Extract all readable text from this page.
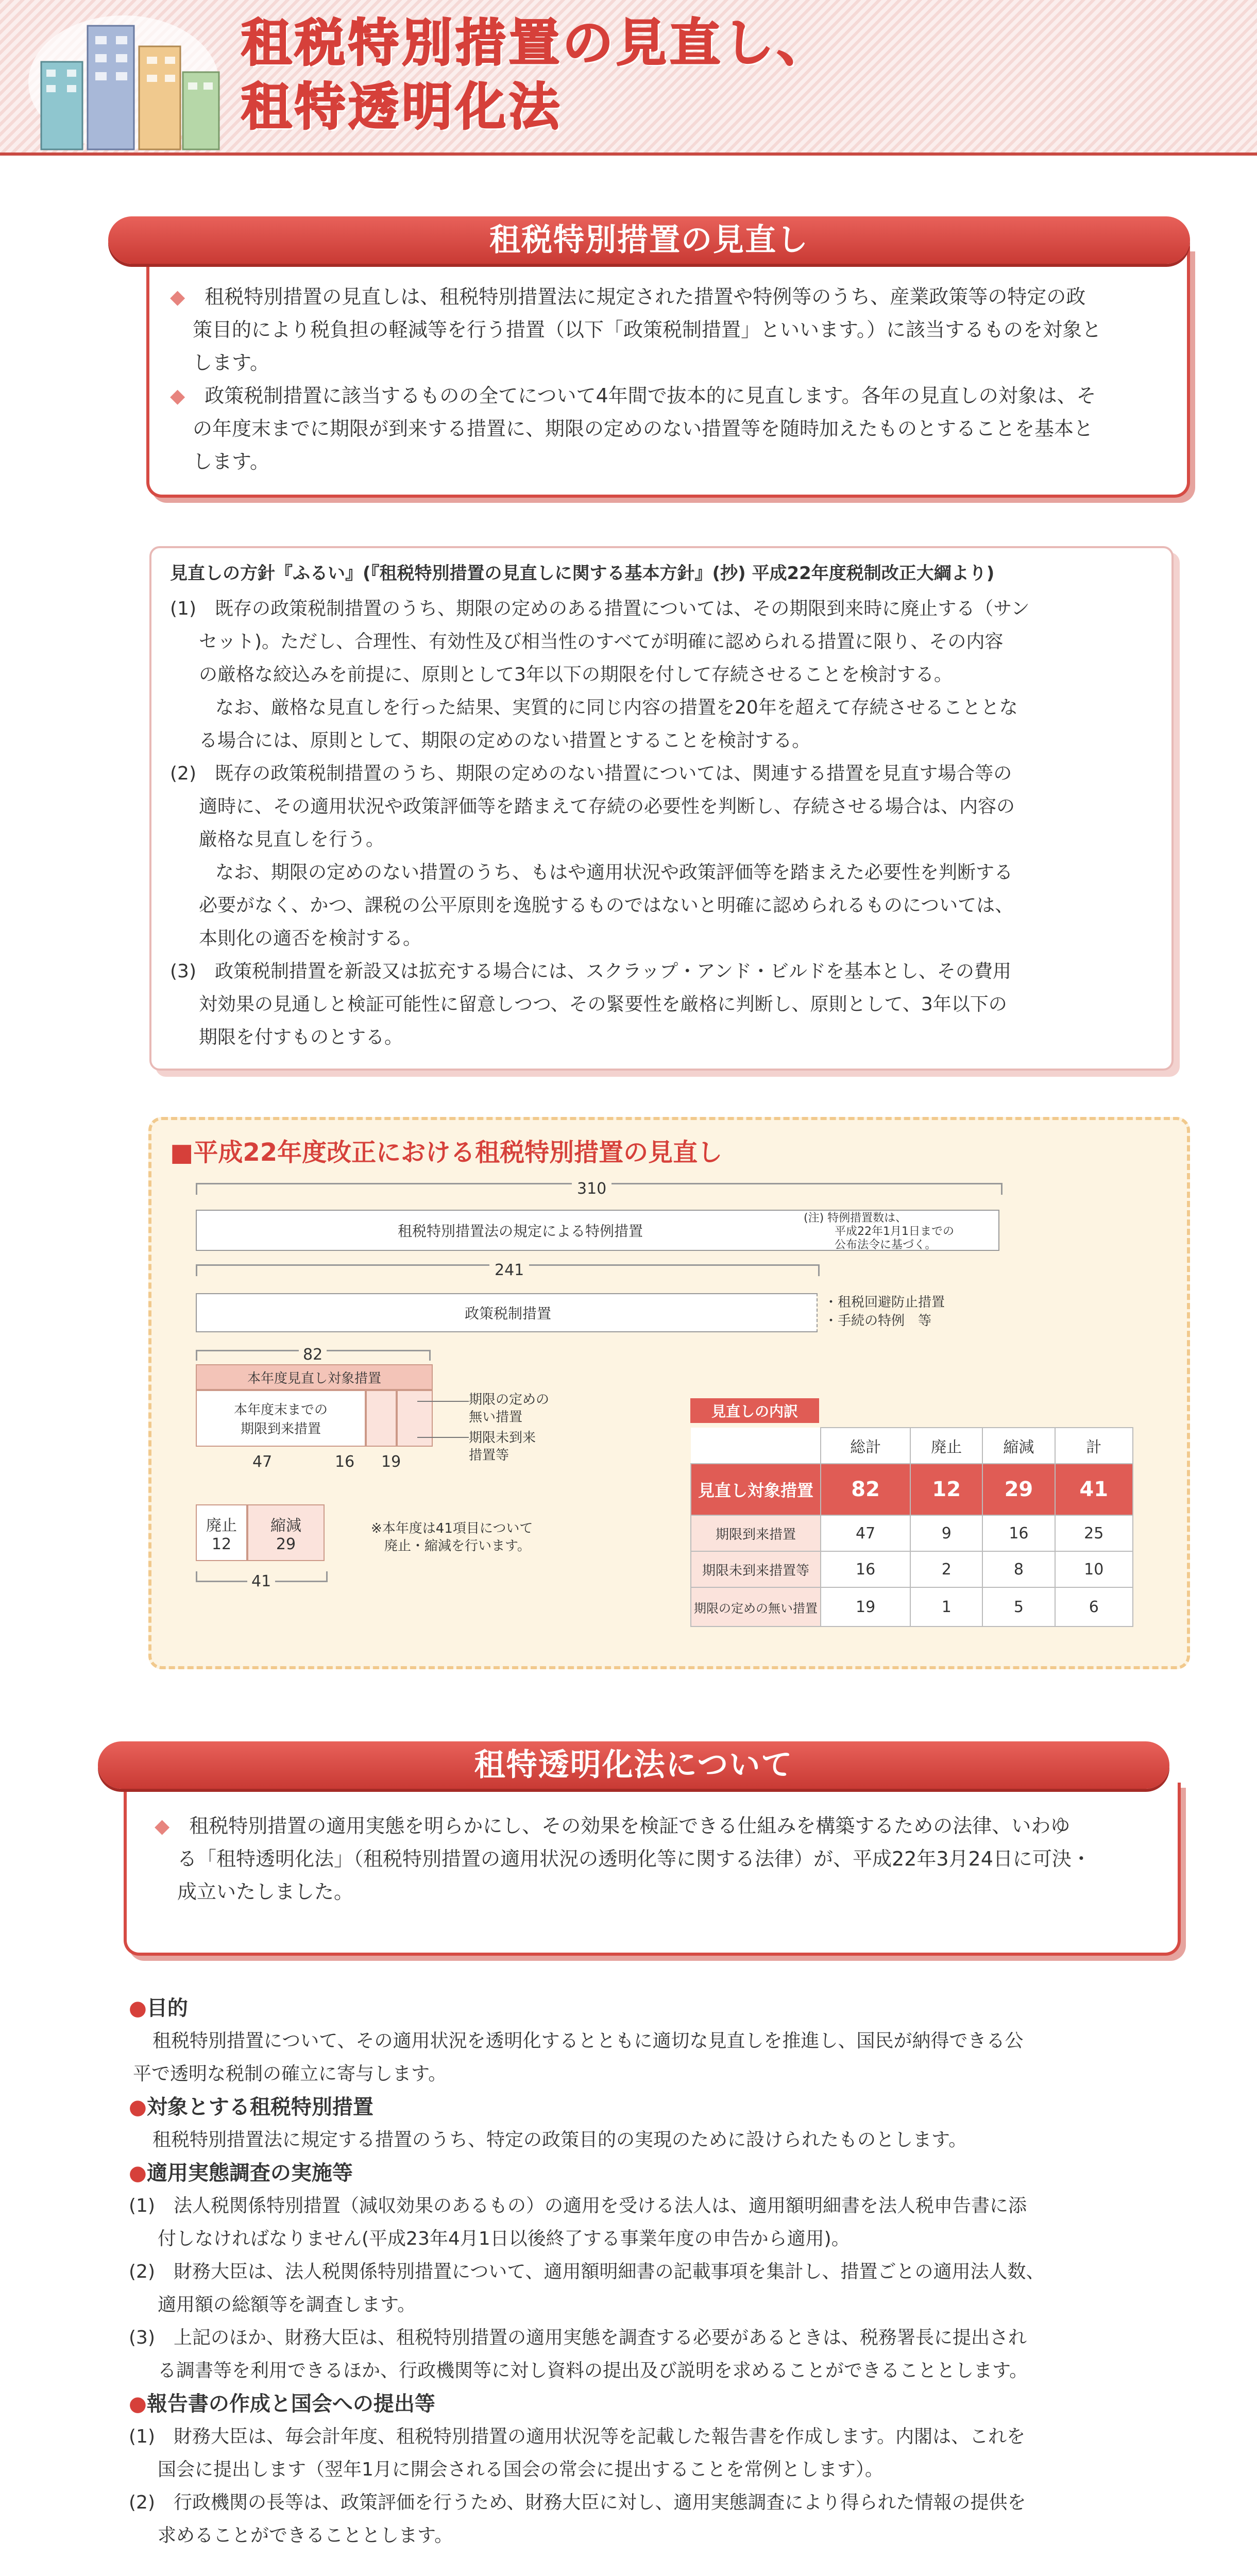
租税特別措置の見直し、
租特透明化法
租税特別措置の見直し
◆　 租税特別措置の見直しは、租税特別措置法に規定された措置や特例等のうち、産業政策等の特定の政
策目的により税負担の軽減等を行う措置（以下「政策税制措置」といいます。）に該当するものを対象と
します。
◆　 政策税制措置に該当するものの全てについて4年間で抜本的に見直します。各年の見直しの対象は、そ
の年度末までに期限が到来する措置に、期限の定めのない措置等を随時加えたものとすることを基本と
します。
見直しの方針『ふるい』(『租税特別措置の見直しに関する基本方針』(抄) 平成22年度税制改正大綱より)
(1)　既存の政策税制措置のうち、期限の定めのある措置については、その期限到来時に廃止する（サン
セット)。ただし、合理性、有効性及び相当性のすべてが明確に認められる措置に限り、その内容
の厳格な絞込みを前提に、原則として3年以下の期限を付して存続させることを検討する。
なお、厳格な見直しを行った結果、実質的に同じ内容の措置を20年を超えて存続させることとな
る場合には、原則として、期限の定めのない措置とすることを検討する。
(2)　既存の政策税制措置のうち、期限の定めのない措置については、関連する措置を見直す場合等の
適時に、その適用状況や政策評価等を踏まえて存続の必要性を判断し、存続させる場合は、内容の
厳格な見直しを行う。
なお、期限の定めのない措置のうち、もはや適用状況や政策評価等を踏まえた必要性を判断する
必要がなく、かつ、課税の公平原則を逸脱するものではないと明確に認められるものについては、
本則化の適否を検討する。
(3)　政策税制措置を新設又は拡充する場合には、スクラップ・アンド・ビルドを基本とし、その費用
対効果の見通しと検証可能性に留意しつつ、その緊要性を厳格に判断し、原則として、3年以下の
期限を付すものとする。
■平成22年度改正における租税特別措置の見直し
310
租税特別措置法の規定による特例措置
(注) 特例措置数は、
平成22年1月1日までの
公布法令に基づく。
241
政策税制措置
・租税回避防止措置
・手続の特例　等
82
本年度見直し対象措置
本年度末までの
期限到来措置
期限の定めの
無い措置
期限未到来
措置等
47	16 19
廃止
12
縮減
29
41
※本年度は41項目について
廃止・縮減を行います。
見直しの内訳
	総計	廃止	縮減	計
見直し対象措置	82	12	29	41
期限到来措置	47	9	16	25
期限未到来措置等	16	2	8	10
期限の定めの無い措置	19	1	5	6
租特透明化法について
◆　 租税特別措置の適用実態を明らかにし、その効果を検証できる仕組みを構築するための法律、いわゆ
る「租特透明化法」（租税特別措置の適用状況の透明化等に関する法律）が、平成22年3月24日に可決・
成立いたしました。
●目的
租税特別措置について、その適用状況を透明化するとともに適切な見直しを推進し、国民が納得できる公
平で透明な税制の確立に寄与します。
●対象とする租税特別措置
租税特別措置法に規定する措置のうち、特定の政策目的の実現のために設けられたものとします。
●適用実態調査の実施等
(1)　法人税関係特別措置（減収効果のあるもの）の適用を受ける法人は、適用額明細書を法人税申告書に添
付しなければなりません(平成23年4月1日以後終了する事業年度の申告から適用)。
(2)　財務大臣は、法人税関係特別措置について、適用額明細書の記載事項を集計し、措置ごとの適用法人数、
適用額の総額等を調査します。
(3)　上記のほか、財務大臣は、租税特別措置の適用実態を調査する必要があるときは、税務署長に提出され
る調書等を利用できるほか、行政機関等に対し資料の提出及び説明を求めることができることとします。
●報告書の作成と国会への提出等
(1)　財務大臣は、毎会計年度、租税特別措置の適用状況等を記載した報告書を作成します。内閣は、これを
国会に提出します（翌年1月に開会される国会の常会に提出することを常例とします）。
(2)　行政機関の長等は、政策評価を行うため、財務大臣に対し、適用実態調査により得られた情報の提供を
求めることができることとします。
